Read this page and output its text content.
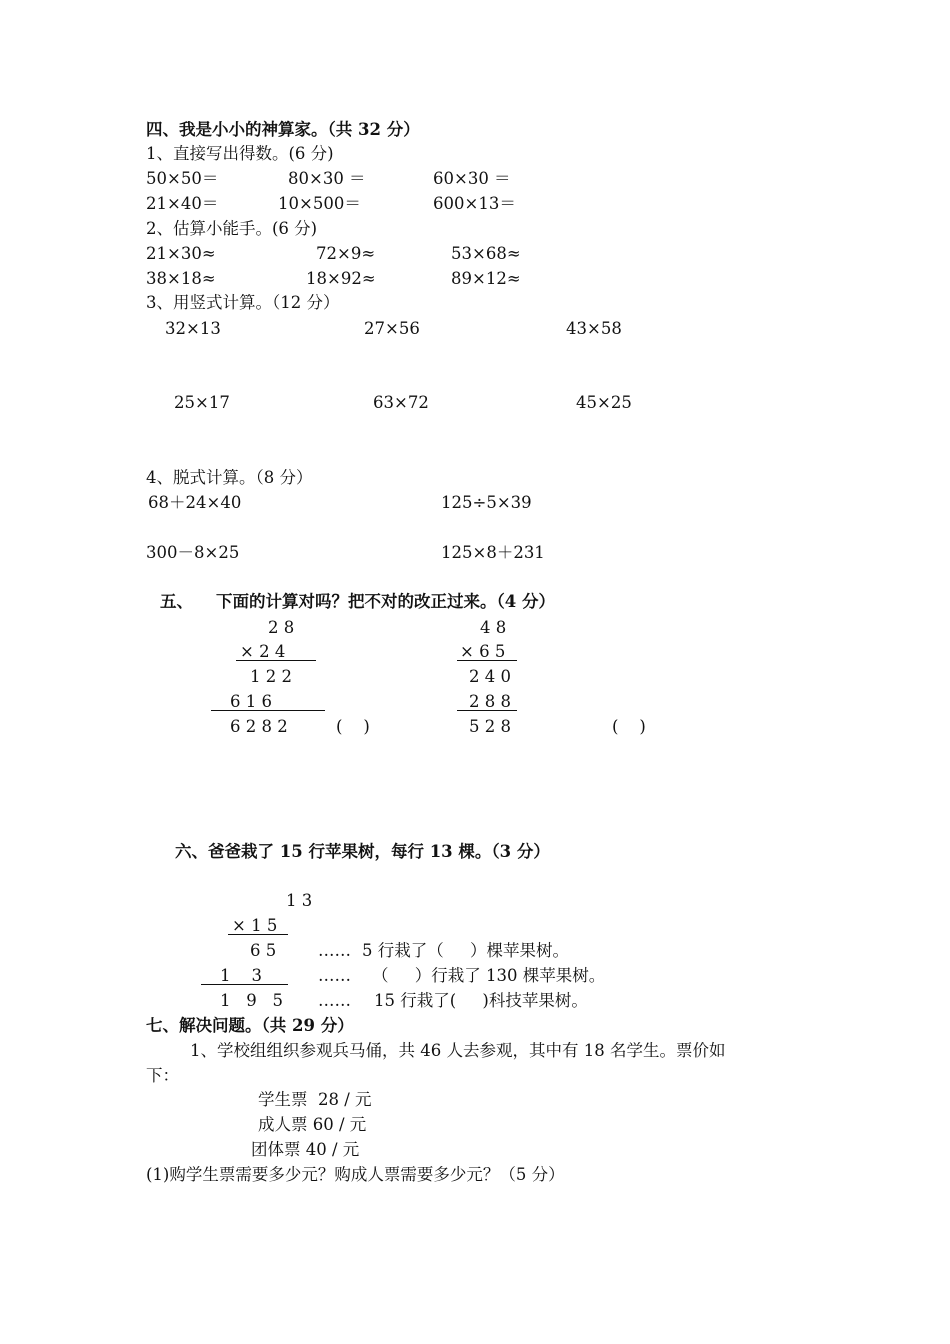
四、我是小小的神算家。（共 32 分）
1、直接写出得数。(6 分)
50×50＝	80×30 ＝	60×30 ＝
21×40＝	10×500＝	600×13＝
2、估算小能手。(6 分)
21×30≈	72×9≈	53×68≈
38×18≈	18×92≈	89×12≈
3、用竖式计算。（12 分）
32×13	27×56	43×58
25×17	63×72	45×25
4、脱式计算。（8 分）
68＋24×40	125÷5×39
300－8×25	125×8＋231
五、    下面的计算对吗？把不对的改正过来。（4 分）
2 8
× 2 4
1 2 2
6 1 6
6 2 8 2	(    )
4 8
× 6 5
2 4 0
2 8 8
5 2 8	(    )
六、爸爸栽了 15 行苹果树，每行 13 棵。（3 分）
1 3
× 1 5
6 5
1    3
1   9   5
…… 5 行栽了（     ）棵苹果树。
…… （     ）行栽了 130 棵苹果树。
…… 15 行栽了(     )科技苹果树。
七、解决问题。（共 29 分）
1、学校组组织参观兵马俑，共 46 人去参观，其中有 18 名学生。票价如
下：
学生票  28 / 元
成人票 60 / 元
团体票 40 / 元
(1)购学生票需要多少元？购成人票需要多少元？（5 分）
